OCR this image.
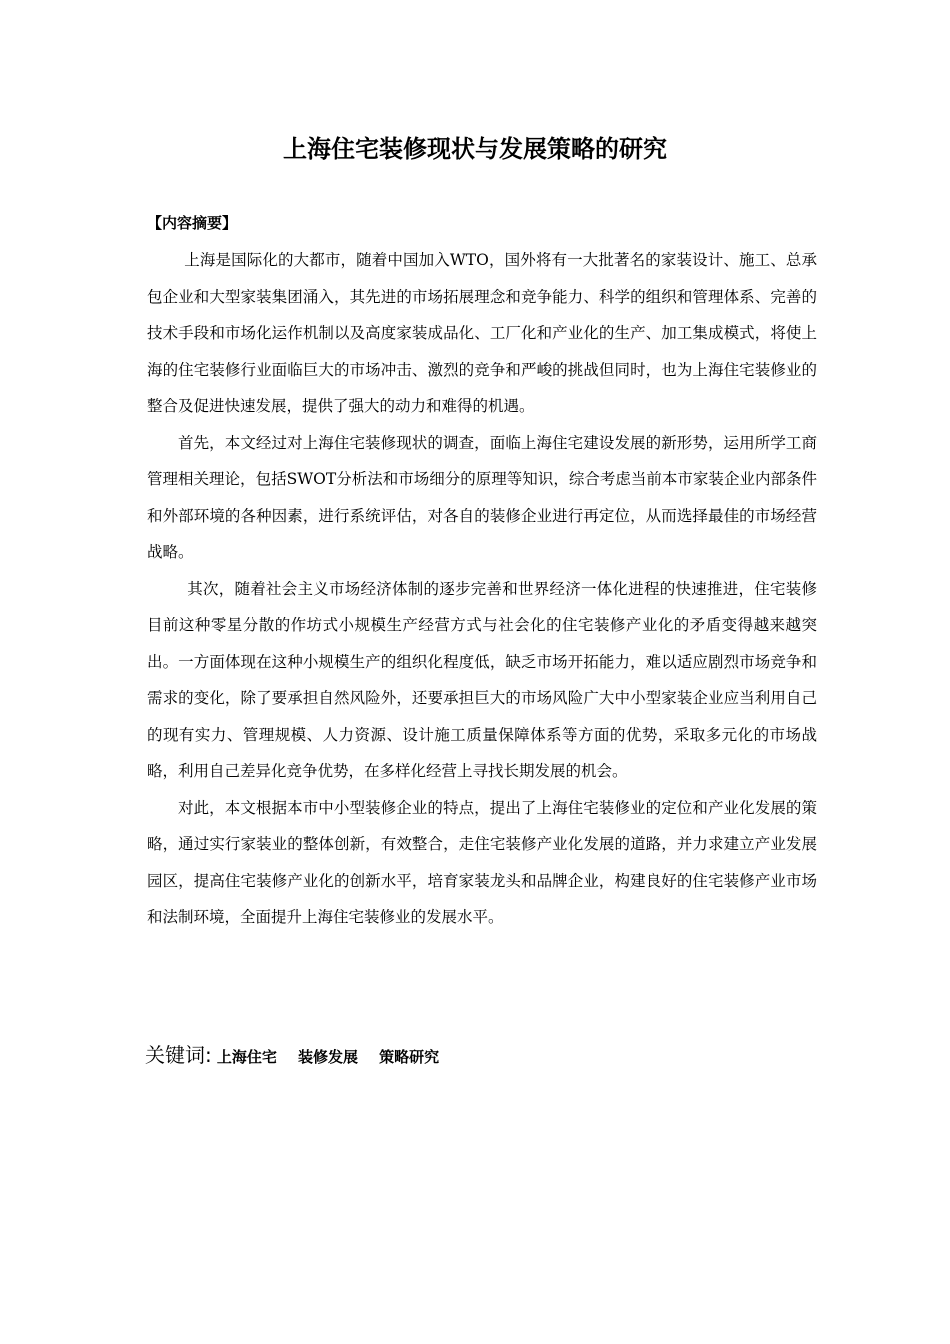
上海住宅装修现状与发展策略的研究
【内容摘要】

上海是国际化的大都市，随着中国加入WTO，国外将有一大批著名的家装设计、施工、总承包企业和大型家装集团涌入，其先进的市场拓展理念和竞争能力、科学的组织和管理体系、完善的技术手段和市场化运作机制以及高度家装成品化、工厂化和产业化的生产、加工集成模式，将使上海的住宅装修行业面临巨大的市场冲击、激烈的竞争和严峻的挑战但同时，也为上海住宅装修业的整合及促进快速发展，提供了强大的动力和难得的机遇。

首先，本文经过对上海住宅装修现状的调查，面临上海住宅建设发展的新形势，运用所学工商管理相关理论，包括SWOT分析法和市场细分的原理等知识，综合考虑当前本市家装企业内部条件和外部环境的各种因素，进行系统评估，对各自的装修企业进行再定位，从而选择最佳的市场经营战略。

其次，随着社会主义市场经济体制的逐步完善和世界经济一体化进程的快速推进，住宅装修目前这种零星分散的作坊式小规模生产经营方式与社会化的住宅装修产业化的矛盾变得越来越突出。一方面体现在这种小规模生产的组织化程度低，缺乏市场开拓能力，难以适应剧烈市场竞争和需求的变化，除了要承担自然风险外，还要承担巨大的市场风险广大中小型家装企业应当利用自己的现有实力、管理规模、人力资源、设计施工质量保障体系等方面的优势，采取多元化的市场战略，利用自己差异化竞争优势，在多样化经营上寻找长期发展的机会。

对此，本文根据本市中小型装修企业的特点，提出了上海住宅装修业的定位和产业化发展的策略，通过实行家装业的整体创新，有效整合，走住宅装修产业化发展的道路，并力求建立产业发展园区，提高住宅装修产业化的创新水平，培育家装龙头和品牌企业，构建良好的住宅装修产业市场和法制环境，全面提升上海住宅装修业的发展水平。

关键词: 上海住宅 装修发展 策略研究
